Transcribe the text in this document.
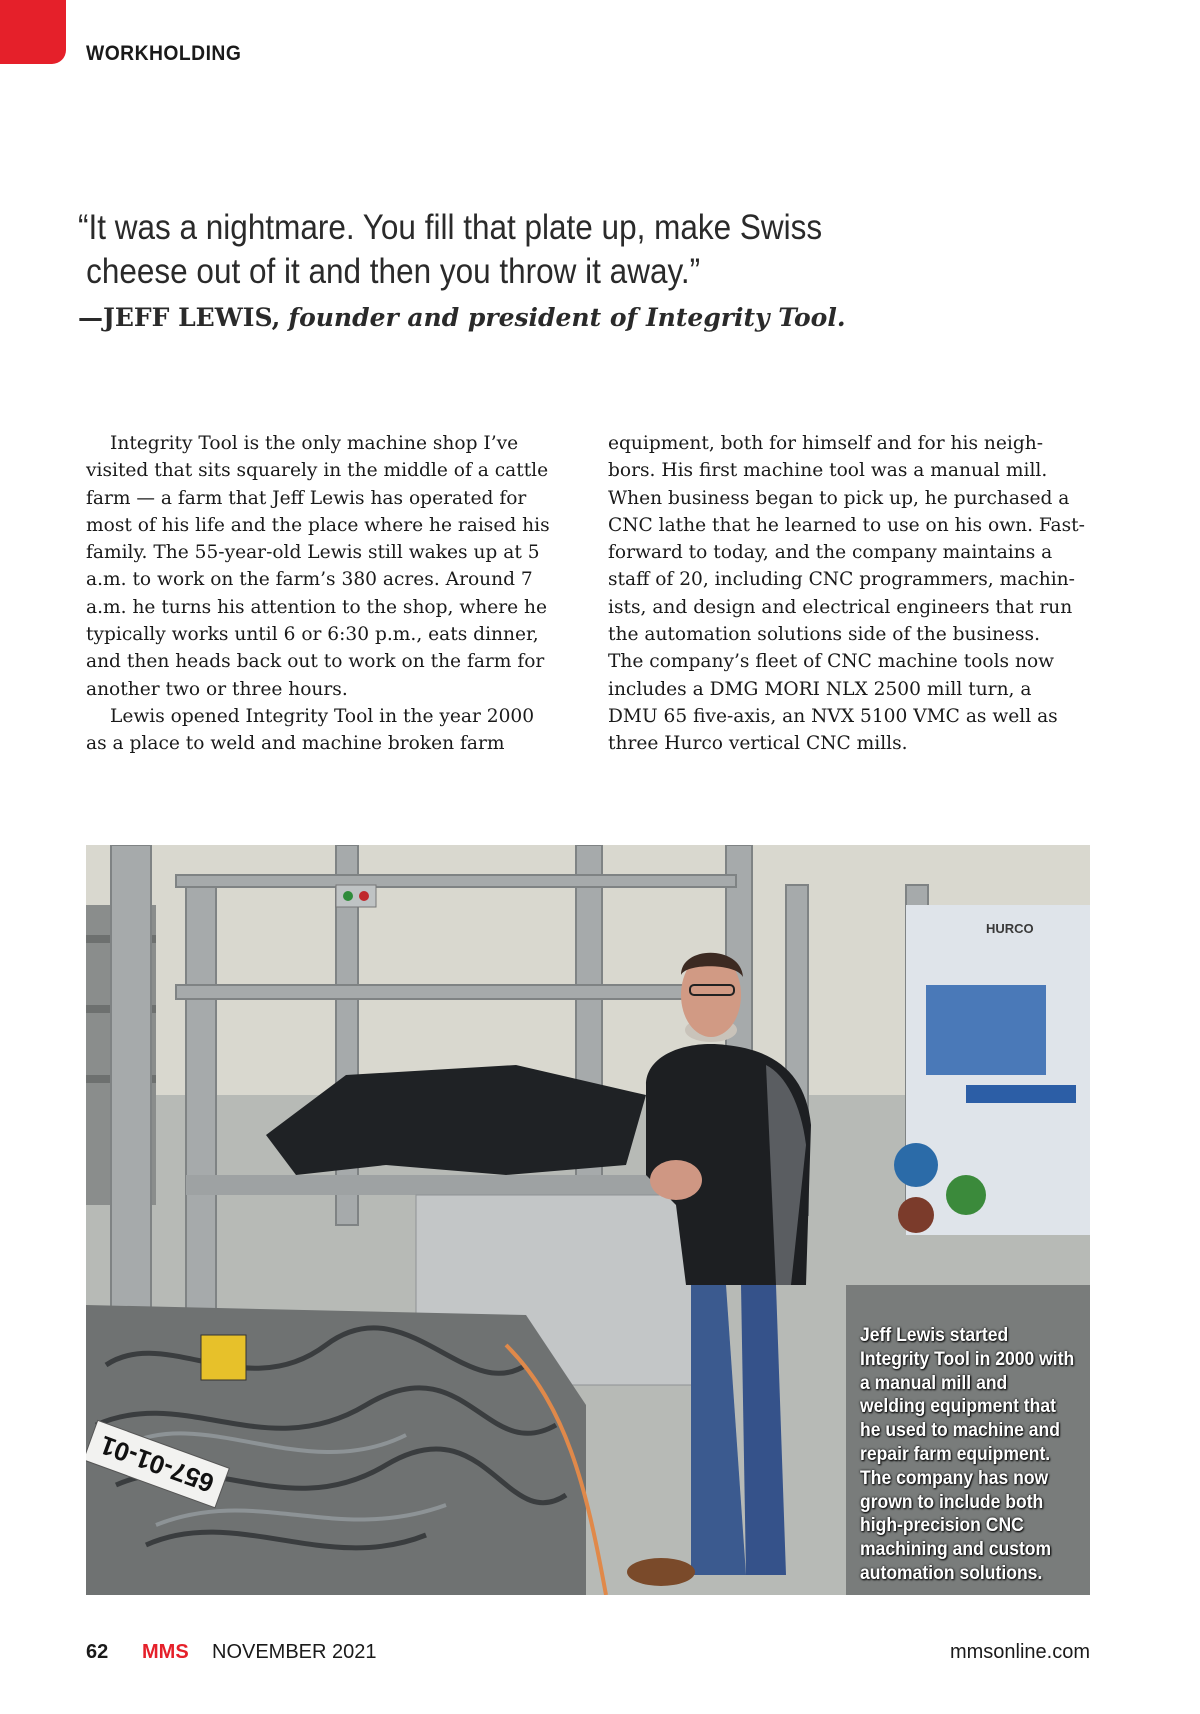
WORKHOLDING
“It was a nightmare. You fill that plate up, make Swiss
cheese out of it and then you throw it away.”
—JEFF LEWIS, founder and president of Integrity Tool.

Integrity Tool is the only machine shop I’ve

visited that sits squarely in the middle of a cattle

farm — a farm that Jeff Lewis has operated for

most of his life and the place where he raised his

family. The 55-year-old Lewis still wakes up at 5

a.m. to work on the farm’s 380 acres. Around 7

a.m. he turns his attention to the shop, where he

typically works until 6 or 6:30 p.m., eats dinner,

and then heads back out to work on the farm for

another two or three hours.

Lewis opened Integrity Tool in the year 2000

as a place to weld and machine broken farm

equipment, both for himself and for his neigh-

bors. His first machine tool was a manual mill.

When business began to pick up, he purchased a

CNC lathe that he learned to use on his own. Fast-

forward to today, and the company maintains a

staff of 20, including CNC programmers, machin-

ists, and design and electrical engineers that run

the automation solutions side of the business.

The company’s fleet of CNC machine tools now

includes a DMG MORI NLX 2500 mill turn, a

DMU 65 five-axis, an NVX 5100 VMC as well as

three Hurco vertical CNC mills.

HURCO
657-01-01
Jeff Lewis started
Integrity Tool in 2000 with
a manual mill and
welding equipment that
he used to machine and
repair farm equipment.
The company has now
grown to include both
high-precision CNC
machining and custom
automation solutions.
62 MMS NOVEMBER 2021	mmsonline.com
